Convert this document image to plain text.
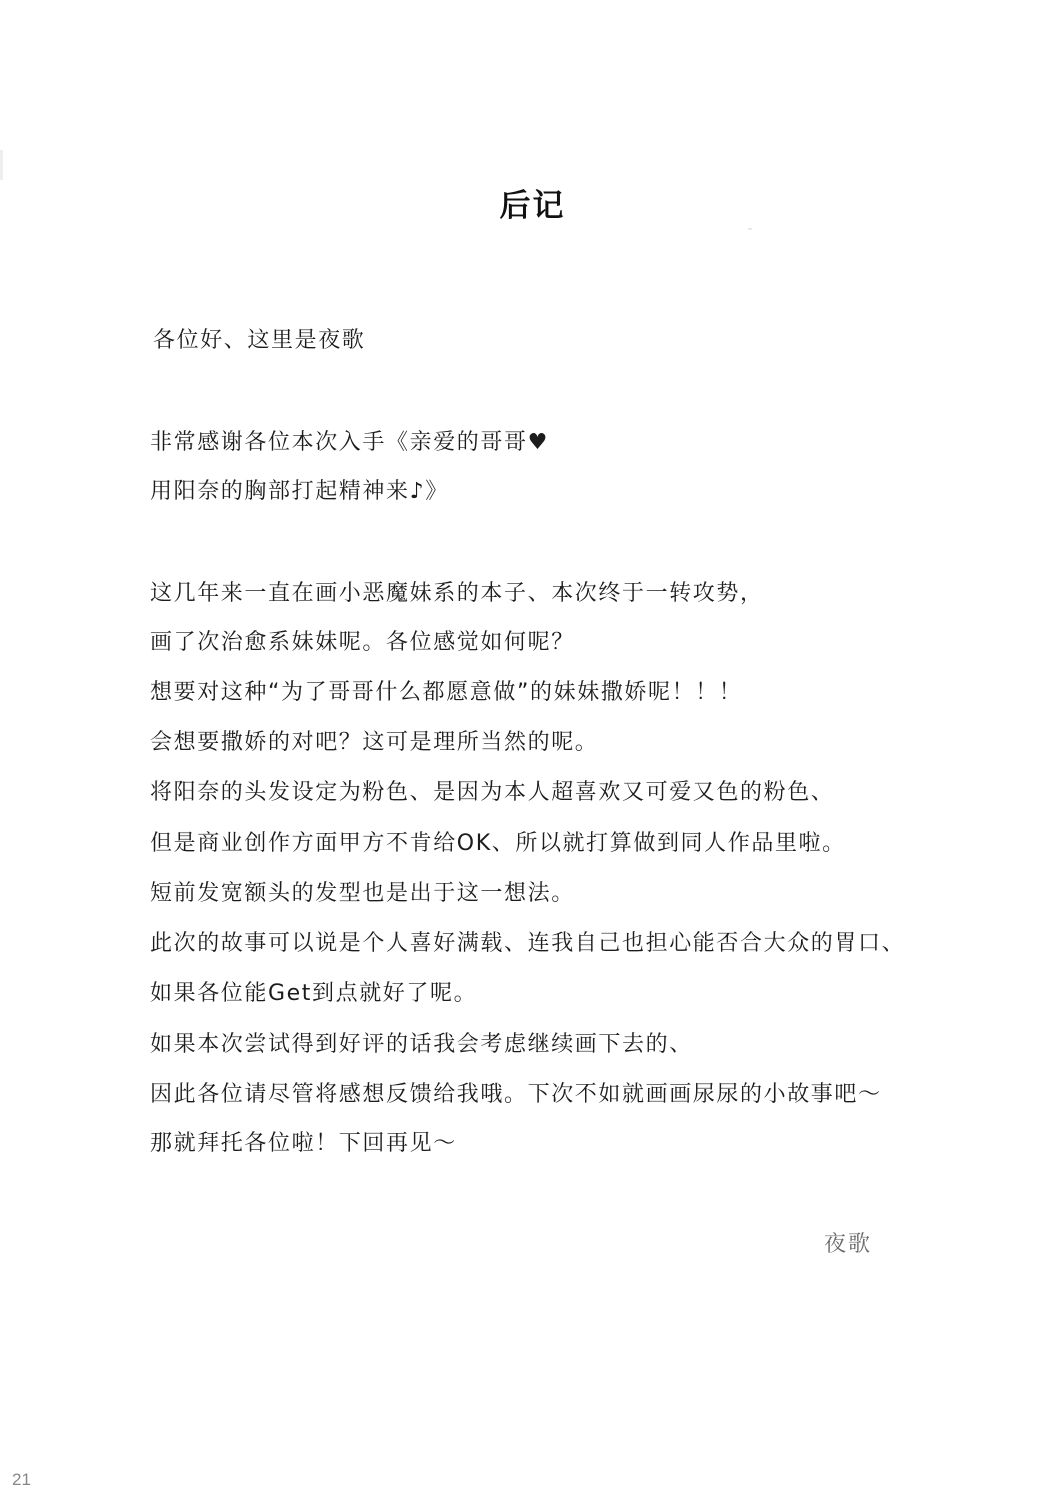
后记
各位好、这里是夜歌
非常感谢各位本次入手《亲爱的哥哥♥
用阳奈的胸部打起精神来♪》
这几年来一直在画小恶魔妹系的本子、本次终于一转攻势，
画了次治愈系妹妹呢。各位感觉如何呢？
想要对这种“为了哥哥什么都愿意做”的妹妹撒娇呢！！！
会想要撒娇的对吧？这可是理所当然的呢。
将阳奈的头发设定为粉色、是因为本人超喜欢又可爱又色的粉色、
但是商业创作方面甲方不肯给OK、所以就打算做到同人作品里啦。
短前发宽额头的发型也是出于这一想法。
此次的故事可以说是个人喜好满载、连我自己也担心能否合大众的胃口、
如果各位能Get到点就好了呢。
如果本次尝试得到好评的话我会考虑继续画下去的、
因此各位请尽管将感想反馈给我哦。下次不如就画画尿尿的小故事吧～
那就拜托各位啦！下回再见～
夜歌
21
